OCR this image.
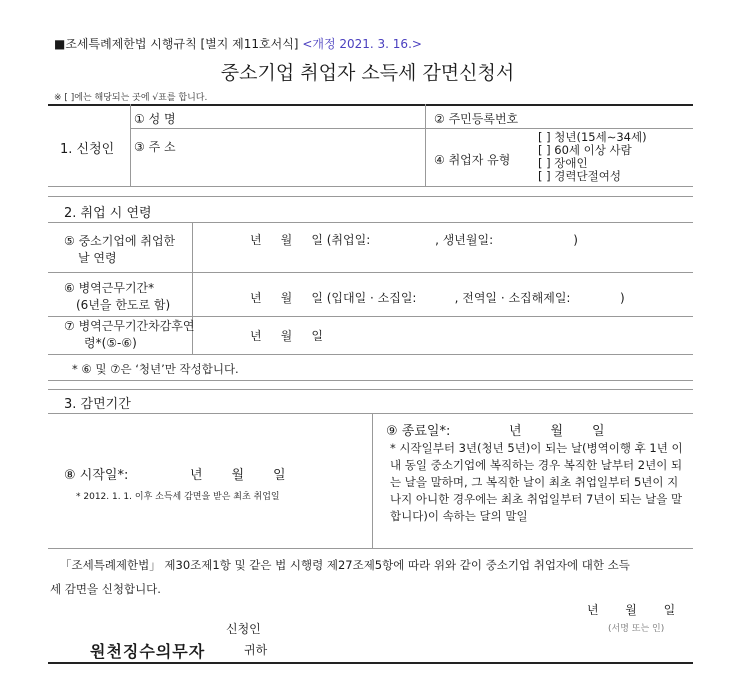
■조세특례제한법 시행규칙 [별지 제11호서식] <개정 2021. 3. 16.>
중소기업 취업자 소득세 감면신청서
※ [ ]에는 해당되는 곳에 √표를 합니다.
1. 신청인
① 성 명	② 주민등록번호
③ 주 소
④ 취업자 유형
[ ] 청년(15세∼34세)
[ ] 60세 이상 사람
[ ] 장애인
[ ] 경력단절여성
2. 취업 시 연령
⑤ 중소기업에 취업한
날 연령
년     월     일 (취업일:                 , 생년월일:                     )
⑥ 병역근무기간*
(6년을 한도로 함)	년     월     일 (입대일 · 소집일:          , 전역일 · 소집해제일:             )
⑦ 병역근무기간차감후연
령*(⑤-⑥)	년     월     일
* ⑥ 및 ⑦은 ‘청년’만 작성합니다.
3. 감면기간
⑧ 시작일*:	년       월       일
* 2012. 1. 1. 이후 소득세 감면을 받은 최초 취업일
⑨ 종료일*:	년       월       일
* 시작일부터 3년(청년 5년)이 되는 날(병역이행 후 1년 이내 동일 중소기업에 복직하는 경우 복직한 날부터 2년이 되는 날을 말하며, 그 복직한 날이 최초 취업일부터 5년이 지나지 아니한 경우에는 최초 취업일부터 7년이 되는 날을 말합니다)이 속하는 달의 말일
「조세특례제한법」 제30조제1항 및 같은 법 시행령 제27조제5항에 따라 위와 같이 중소기업 취업자에 대한 소득
세 감면을 신청합니다.
년       월       일
신청인	(서명 또는 인)
원천징수의무자	귀하
